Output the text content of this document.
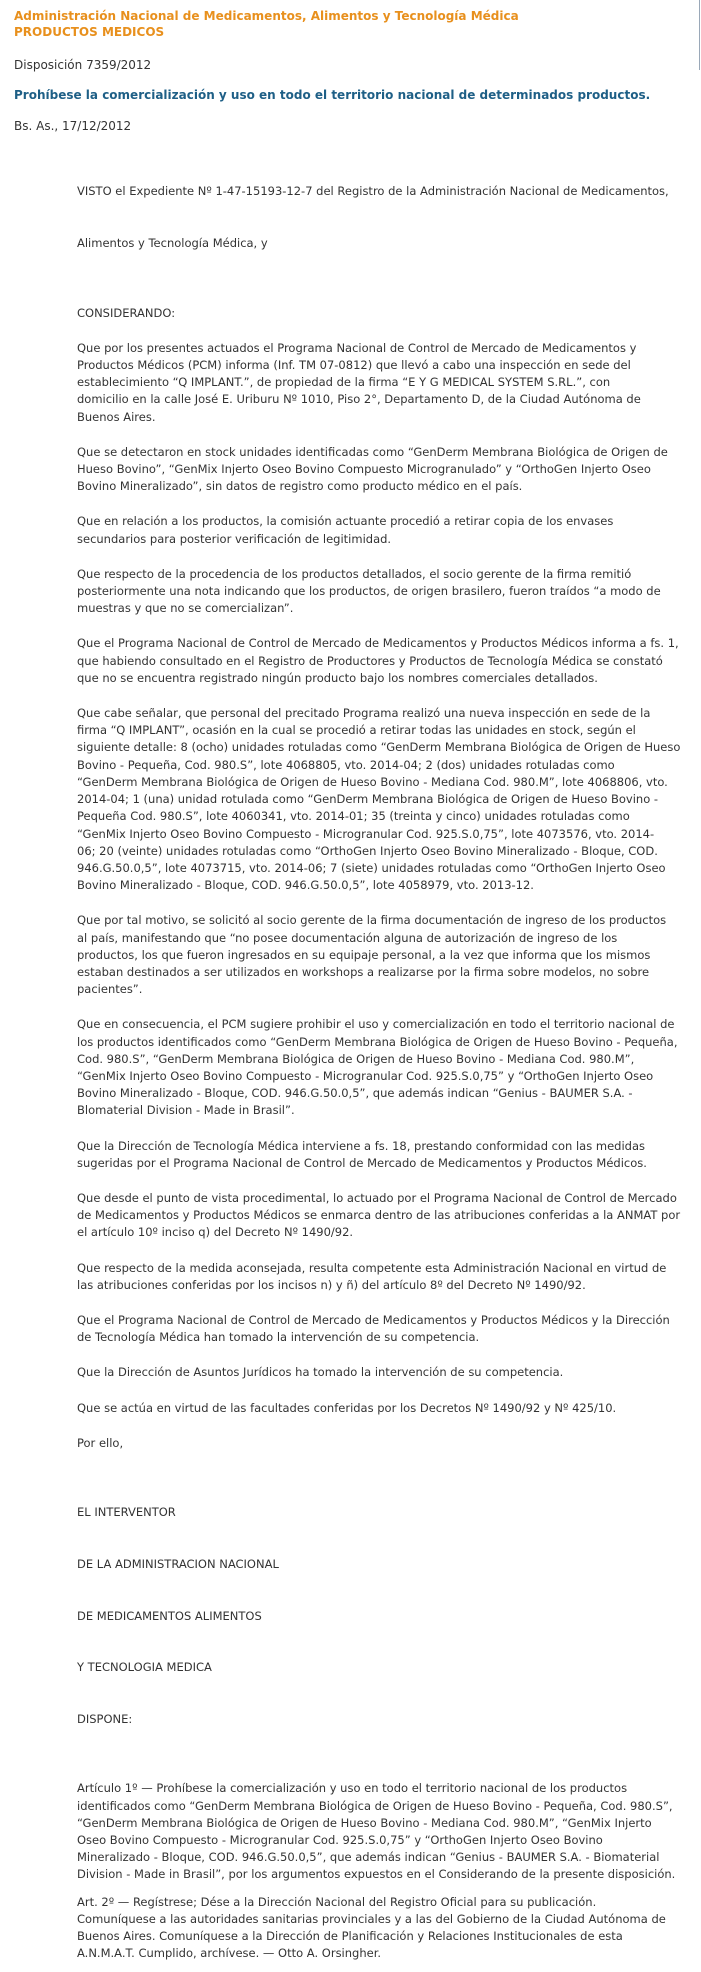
Administración Nacional de Medicamentos, Alimentos y Tecnología Médica
PRODUCTOS MEDICOS
Disposición 7359/2012
Prohíbese la comercialización y uso en todo el territorio nacional de determinados productos.
Bs. As., 17/12/2012

VISTO el Expediente Nº 1-47-15193-12-7 del Registro de la Administración Nacional de Medicamentos,

Alimentos y Tecnología Médica, y

CONSIDERANDO:
Que por los presentes actuados el Programa Nacional de Control de Mercado de Medicamentos y
Productos Médicos (PCM) informa (Inf. TM 07-0812) que llevó a cabo una inspección en sede del
establecimiento “Q IMPLANT.”, de propiedad de la firma “E Y G MEDICAL SYSTEM S.RL.”, con
domicilio en la calle José E. Uriburu Nº 1010, Piso 2°, Departamento D, de la Ciudad Autónoma de
Buenos Aires.
Que se detectaron en stock unidades identificadas como “GenDerm Membrana Biológica de Origen de
Hueso Bovino”, “GenMix Injerto Oseo Bovino Compuesto Microgranulado” y “OrthoGen Injerto Oseo
Bovino Mineralizado”, sin datos de registro como producto médico en el país.
Que en relación a los productos, la comisión actuante procedió a retirar copia de los envases
secundarios para posterior verificación de legitimidad.
Que respecto de la procedencia de los productos detallados, el socio gerente de la firma remitió
posteriormente una nota indicando que los productos, de origen brasilero, fueron traídos “a modo de
muestras y que no se comercializan”.
Que el Programa Nacional de Control de Mercado de Medicamentos y Productos Médicos informa a fs. 1,
que habiendo consultado en el Registro de Productores y Productos de Tecnología Médica se constató
que no se encuentra registrado ningún producto bajo los nombres comerciales detallados.
Que cabe señalar, que personal del precitado Programa realizó una nueva inspección en sede de la
firma “Q IMPLANT”, ocasión en la cual se procedió a retirar todas las unidades en stock, según el
siguiente detalle: 8 (ocho) unidades rotuladas como “GenDerm Membrana Biológica de Origen de Hueso
Bovino - Pequeña, Cod. 980.S”, lote 4068805, vto. 2014-04; 2 (dos) unidades rotuladas como
“GenDerm Membrana Biológica de Origen de Hueso Bovino - Mediana Cod. 980.M”, lote 4068806, vto.
2014-04; 1 (una) unidad rotulada como “GenDerm Membrana Biológica de Origen de Hueso Bovino -
Pequeña Cod. 980.S”, lote 4060341, vto. 2014-01; 35 (treinta y cinco) unidades rotuladas como
“GenMix Injerto Oseo Bovino Compuesto - Microgranular Cod. 925.S.0,75”, lote 4073576, vto. 2014-
06; 20 (veinte) unidades rotuladas como “OrthoGen Injerto Oseo Bovino Mineralizado - Bloque, COD.
946.G.50.0,5”, lote 4073715, vto. 2014-06; 7 (siete) unidades rotuladas como “OrthoGen Injerto Oseo
Bovino Mineralizado - Bloque, COD. 946.G.50.0,5”, lote 4058979, vto. 2013-12.
Que por tal motivo, se solicitó al socio gerente de la firma documentación de ingreso de los productos
al país, manifestando que “no posee documentación alguna de autorización de ingreso de los
productos, los que fueron ingresados en su equipaje personal, a la vez que informa que los mismos
estaban destinados a ser utilizados en workshops a realizarse por la firma sobre modelos, no sobre
pacientes”.
Que en consecuencia, el PCM sugiere prohibir el uso y comercialización en todo el territorio nacional de
los productos identificados como “GenDerm Membrana Biológica de Origen de Hueso Bovino - Pequeña,
Cod. 980.S”, “GenDerm Membrana Biológica de Origen de Hueso Bovino - Mediana Cod. 980.M”,
“GenMix Injerto Oseo Bovino Compuesto - Microgranular Cod. 925.S.0,75” y “OrthoGen Injerto Oseo
Bovino Mineralizado - Bloque, COD. 946.G.50.0,5”, que además indican “Genius - BAUMER S.A. -
Blomaterial Division - Made in Brasil”.
Que la Dirección de Tecnología Médica interviene a fs. 18, prestando conformidad con las medidas
sugeridas por el Programa Nacional de Control de Mercado de Medicamentos y Productos Médicos.
Que desde el punto de vista procedimental, lo actuado por el Programa Nacional de Control de Mercado
de Medicamentos y Productos Médicos se enmarca dentro de las atribuciones conferidas a la ANMAT por
el artículo 10º inciso q) del Decreto Nº 1490/92.
Que respecto de la medida aconsejada, resulta competente esta Administración Nacional en virtud de
las atribuciones conferidas por los incisos n) y ñ) del artículo 8º del Decreto Nº 1490/92.
Que el Programa Nacional de Control de Mercado de Medicamentos y Productos Médicos y la Dirección
de Tecnología Médica han tomado la intervención de su competencia.
Que la Dirección de Asuntos Jurídicos ha tomado la intervención de su competencia.
Que se actúa en virtud de las facultades conferidas por los Decretos Nº 1490/92 y Nº 425/10.
Por ello,

EL INTERVENTOR

DE LA ADMINISTRACION NACIONAL

DE MEDICAMENTOS ALIMENTOS

Y TECNOLOGIA MEDICA

DISPONE:

Artículo 1º — Prohíbese la comercialización y uso en todo el territorio nacional de los productos
identificados como “GenDerm Membrana Biológica de Origen de Hueso Bovino - Pequeña, Cod. 980.S”,
“GenDerm Membrana Biológica de Origen de Hueso Bovino - Mediana Cod. 980.M”, “GenMix Injerto
Oseo Bovino Compuesto - Microgranular Cod. 925.S.0,75” y “OrthoGen Injerto Oseo Bovino
Mineralizado - Bloque, COD. 946.G.50.0,5”, que además indican “Genius - BAUMER S.A. - Biomaterial
Division - Made in Brasil”, por los argumentos expuestos en el Considerando de la presente disposición.
Art. 2º — Regístrese; Dése a la Dirección Nacional del Registro Oficial para su publicación.
Comuníquese a las autoridades sanitarias provinciales y a las del Gobierno de la Ciudad Autónoma de
Buenos Aires. Comuníquese a la Dirección de Planificación y Relaciones Institucionales de esta
A.N.M.A.T. Cumplido, archívese. — Otto A. Orsingher.
